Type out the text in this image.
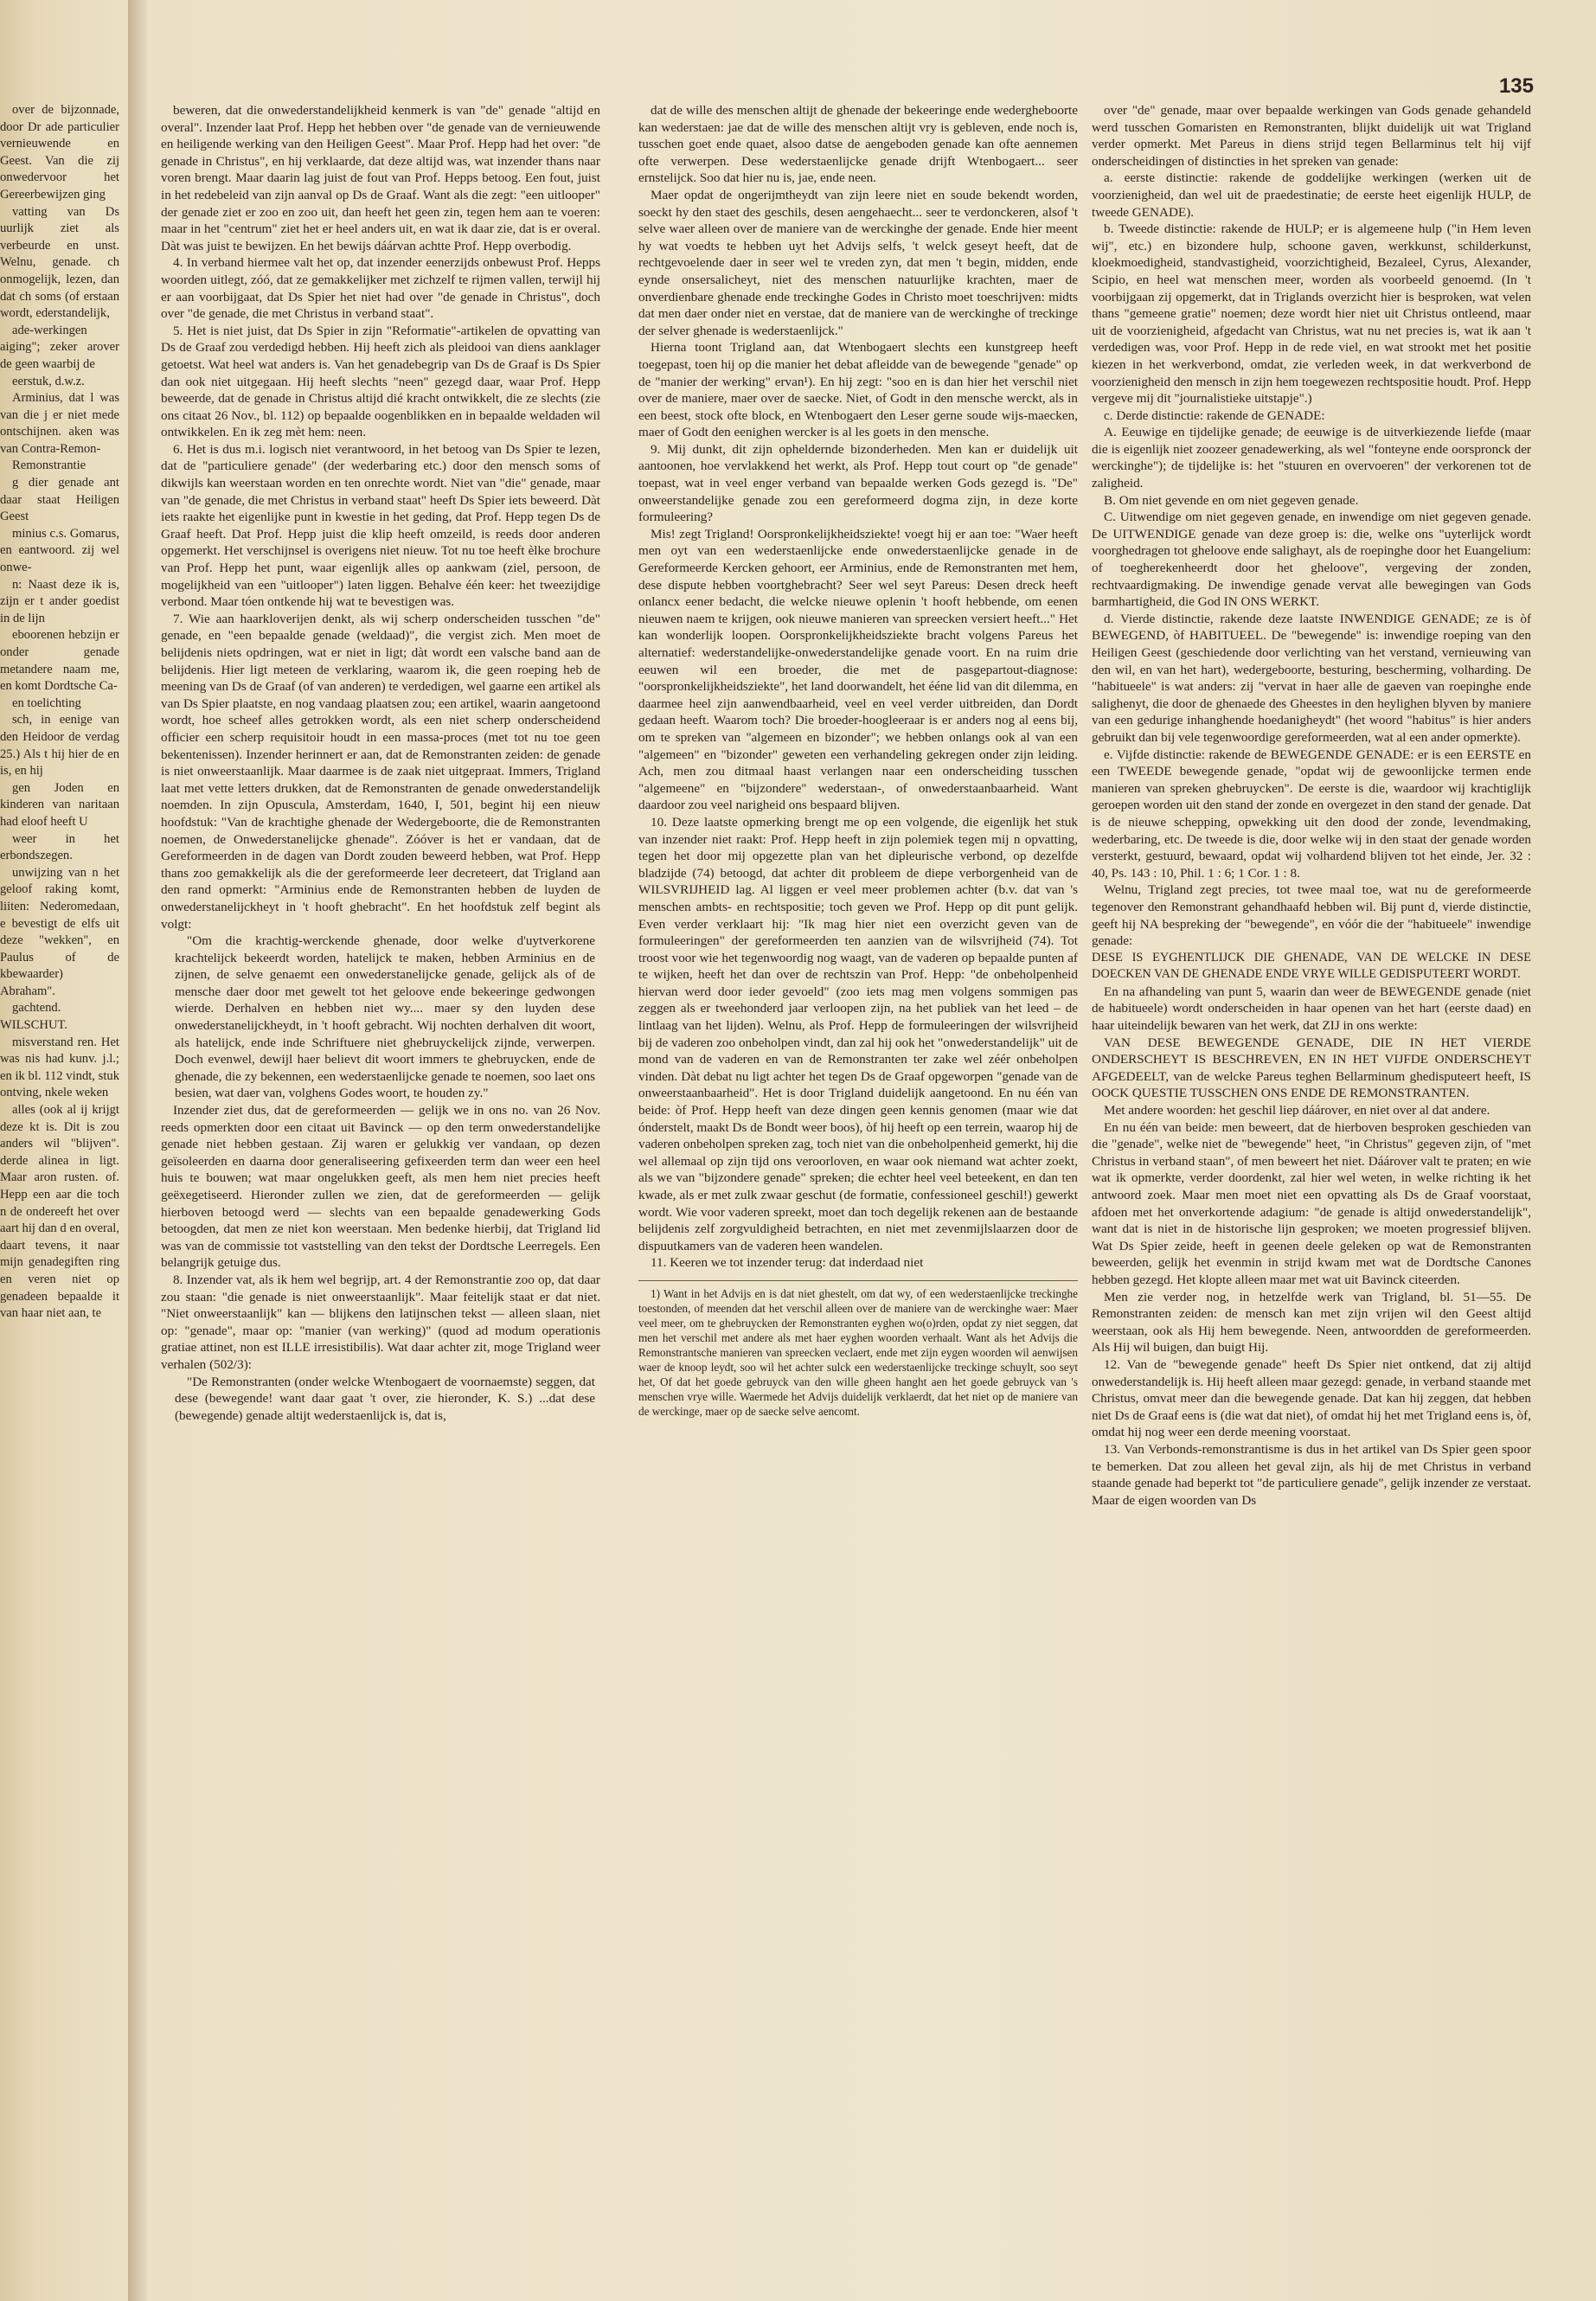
135

over de bijzonnade, door Dr ade particulier vernieuwende en Geest. Van die zij onwedervoor het Gereerbewijzen ging

vatting van Ds uurlijk ziet als verbeurde en unst. Welnu, genade. ch onmogelijk, lezen, dan dat ch soms (of erstaan wordt, ederstandelijk,

ade-werkingen aiging"; zeker arover de geen waarbij de

eerstuk, d.w.z.

Arminius, dat l was van die j er niet mede ontschijnen. aken was van Contra-Remon-

Remonstrantie

g dier genade ant daar staat Heiligen Geest

minius c.s. Gomarus, en eantwoord. zij wel onwe-

n: Naast deze ik is, zijn er t ander goedist in de lijn

eboorenen hebzijn er onder genade metandere naam me, en komt Dordtsche Ca-

en toelichting

sch, in eenige van den Heidoor de verdag 25.) Als t hij hier de en is, en hij

gen Joden en kinderen van naritaan had eloof heeft U

weer in het erbondszegen.

unwijzing van n het geloof raking komt, liiten: Nederomedaan, e bevestigt de elfs uit deze "wekken", en Paulus of de kbewaarder) Abraham".

gachtend. WILSCHUT.

misverstand ren. Het was nis had kunv. j.l.; en ik bl. 112 vindt, stuk ontving, nkele weken

alles (ook al ij krijgt deze kt is. Dit is zou anders wil "blijven". derde alinea in ligt. Maar aron rusten. of. Hepp een aar die toch n de ondereeft het over aart hij dan d en overal, daart tevens, it naar mijn genadegiften ring en veren niet op genadeen bepaalde it van haar niet aan, te

beweren, dat die onwederstandelijkheid kenmerk is van "de" genade "altijd en overal". Inzender laat Prof. Hepp het hebben over "de genade van de vernieuwende en heiligende werking van den Heiligen Geest". Maar Prof. Hepp had het over: "de genade in Christus", en hij verklaarde, dat deze altijd was, wat inzender thans naar voren brengt. Maar daarin lag juist de fout van Prof. Hepps betoog. Een fout, juist in het redebeleid van zijn aanval op Ds de Graaf. Want als die zegt: "een uitlooper" der genade ziet er zoo en zoo uit, dan heeft het geen zin, tegen hem aan te voeren: maar in het "centrum" ziet het er heel anders uit, en wat ik daar zie, dat is er overal. Dàt was juist te bewijzen. En het bewijs dáárvan achtte Prof. Hepp overbodig.

4. In verband hiermee valt het op, dat inzender eenerzijds onbewust Prof. Hepps woorden uitlegt, zóó, dat ze gemakkelijker met zichzelf te rijmen vallen, terwijl hij er aan voorbijgaat, dat Ds Spier het niet had over "de genade in Christus", doch over "de genade, die met Christus in verband staat".

5. Het is niet juist, dat Ds Spier in zijn "Reformatie"-artikelen de opvatting van Ds de Graaf zou verdedigd hebben. Hij heeft zich als pleidooi van diens aanklager getoetst. Wat heel wat anders is. Van het genadebegrip van Ds de Graaf is Ds Spier dan ook niet uitgegaan. Hij heeft slechts "neen" gezegd daar, waar Prof. Hepp beweerde, dat de genade in Christus altijd dié kracht ontwikkelt, die ze slechts (zie ons citaat 26 Nov., bl. 112) op bepaalde oogenblikken en in bepaalde weldaden wil ontwikkelen. En ik zeg mèt hem: neen.

6. Het is dus m.i. logisch niet verantwoord, in het betoog van Ds Spier te lezen, dat de "particuliere genade" (der wederbaring etc.) door den mensch soms of dikwijls kan weerstaan worden en ten onrechte wordt. Niet van "die" genade, maar van "de genade, die met Christus in verband staat" heeft Ds Spier iets beweerd. Dàt iets raakte het eigenlijke punt in kwestie in het geding, dat Prof. Hepp tegen Ds de Graaf heeft. Dat Prof. Hepp juist die klip heeft omzeild, is reeds door anderen opgemerkt. Het verschijnsel is overigens niet nieuw. Tot nu toe heeft èlke brochure van Prof. Hepp het punt, waar eigenlijk alles op aankwam (ziel, persoon, de mogelijkheid van een "uitlooper") laten liggen. Behalve één keer: het tweezijdige verbond. Maar tóen ontkende hij wat te bevestigen was.

7. Wie aan haarkloverijen denkt, als wij scherp onderscheiden tusschen "de" genade, en "een bepaalde genade (weldaad)", die vergist zich. Men moet de belijdenis niets opdringen, wat er niet in ligt; dàt wordt een valsche band aan de belijdenis. Hier ligt meteen de verklaring, waarom ik, die geen roeping heb de meening van Ds de Graaf (of van anderen) te verdedigen, wel gaarne een artikel als van Ds Spier plaatste, en nog vandaag plaatsen zou; een artikel, waarin aangetoond wordt, hoe scheef alles getrokken wordt, als een niet scherp onderscheidend officier een scherp requisitoir houdt in een massa-proces (met tot nu toe geen bekentenissen). Inzender herinnert er aan, dat de Remonstranten zeiden: de genade is niet onweerstaanlijk. Maar daarmee is de zaak niet uitgepraat. Immers, Trigland laat met vette letters drukken, dat de Remonstranten de genade onwederstandelijk noemden. In zijn Opuscula, Amsterdam, 1640, I, 501, begint hij een nieuw hoofdstuk: "Van de krachtighe ghenade der Wedergeboorte, die de Remonstranten noemen, de Onwederstanelijcke ghenade". Zóóver is het er vandaan, dat de Gereformeerden in de dagen van Dordt zouden beweerd hebben, wat Prof. Hepp thans zoo gemakkelijk als die der gereformeerde leer decreteert, dat Trigland aan den rand opmerkt: "Arminius ende de Remonstranten hebben de luyden de onwederstanelijckheyt in 't hooft ghebracht". En het hoofdstuk zelf begint als volgt:

"Om die krachtig-werckende ghenade, door welke d'uytverkorene krachtelijck bekeerdt worden, hatelijck te maken, hebben Arminius en de zijnen, de selve genaemt een onwederstanelijcke genade, gelijck als of de mensche daer door met gewelt tot het geloove ende bekeeringe gedwongen wierde. Derhalven en hebben niet wy.... maer sy den luyden dese onwederstanelijckheydt, in 't hooft gebracht. Wij nochten derhalven dit woort, als hatelijck, ende inde Schriftuere niet ghebruyckelijck zijnde, verwerpen. Doch evenwel, dewijl haer believt dit woort immers te ghebruycken, ende de ghenade, die zy bekennen, een wederstaenlijcke genade te noemen, soo laet ons besien, wat daer van, volghens Godes woort, te houden zy."

Inzender ziet dus, dat de gereformeerden — gelijk we in ons no. van 26 Nov. reeds opmerkten door een citaat uit Bavinck — op den term onwederstandelijke genade niet hebben gestaan. Zij waren er gelukkig ver vandaan, op dezen geïsoleerden en daarna door generaliseering gefixeerden term dan weer een heel huis te bouwen; wat maar ongelukken geeft, als men hem niet precies heeft geëxegetiseerd. Hieronder zullen we zien, dat de gereformeerden — gelijk hierboven betoogd werd — slechts van een bepaalde genadewerking Gods betoogden, dat men ze niet kon weerstaan. Men bedenke hierbij, dat Trigland lid was van de commissie tot vaststelling van den tekst der Dordtsche Leerregels. Een belangrijk getuige dus.

8. Inzender vat, als ik hem wel begrijp, art. 4 der Remonstrantie zoo op, dat daar zou staan: "die genade is niet onweerstaanlijk". Maar feitelijk staat er dat niet. "Niet onweerstaanlijk" kan — blijkens den latijnschen tekst — alleen slaan, niet op: "genade", maar op: "manier (van werking)" (quod ad modum operationis gratiae attinet, non est ILLE irresistibilis). Wat daar achter zit, moge Trigland weer verhalen (502/3):

"De Remonstranten (onder welcke Wtenbogaert de voornaemste) seggen, dat dese (bewegende! want daar gaat 't over, zie hieronder, K. S.) ...dat dese (bewegende) genade altijt wederstaenlijck is, dat is,

dat de wille des menschen altijt de ghenade der bekeeringe ende wedergheboorte kan wederstaen: jae dat de wille des menschen altijt vry is gebleven, ende noch is, tusschen goet ende quaet, alsoo datse de aengeboden genade kan ofte aennemen ofte verwerpen. Dese wederstaenlijcke genade drijft Wtenbogaert... seer ernstelijck. Soo dat hier nu is, jae, ende neen.

Maer opdat de ongerijmtheydt van zijn leere niet en soude bekendt worden, soeckt hy den staet des geschils, desen aengehaecht... seer te verdonckeren, alsof 't selve waer alleen over de maniere van de werckinghe der genade. Ende hier meent hy wat voedts te hebben uyt het Advijs selfs, 't welck geseyt heeft, dat de rechtgevoelende daer in seer wel te vreden zyn, dat men 't begin, midden, ende eynde onsersalicheyt, niet des menschen natuurlijke krachten, maer de onverdienbare ghenade ende treckinghe Godes in Christo moet toeschrijven: midts dat men daer onder niet en verstae, dat de maniere van de werckinghe of treckinge der selver ghenade is wederstaenlijck."

Hierna toont Trigland aan, dat Wtenbogaert slechts een kunstgreep heeft toegepast, toen hij op die manier het debat afleidde van de bewegende "genade" op de "manier der werking" ervan¹). En hij zegt: "soo en is dan hier het verschil niet over de maniere, maer over de saecke. Niet, of Godt in den mensche werckt, als in een beest, stock ofte block, en Wtenbogaert den Leser gerne soude wijs-maecken, maer of Godt den eenighen wercker is al les goets in den mensche.

9. Mij dunkt, dit zijn opheldernde bizonderheden. Men kan er duidelijk uit aantoonen, hoe vervlakkend het werkt, als Prof. Hepp tout court op "de genade" toepast, wat in veel enger verband van bepaalde werken Gods gezegd is. "De" onweerstandelijke genade zou een gereformeerd dogma zijn, in deze korte formuleering?

Mis! zegt Trigland! Oorspronkelijkheidsziekte! voegt hij er aan toe: "Waer heeft men oyt van een wederstaenlijcke ende onwederstaenlijcke genade in de Gereformeerde Kercken gehoort, eer Arminius, ende de Remonstranten met hem, dese dispute hebben voortghebracht? Seer wel seyt Pareus: Desen dreck heeft onlancx eener bedacht, die welcke nieuwe oplenin 't hooft hebbende, om eenen nieuwen naem te krijgen, ook nieuwe manieren van spreecken versiert heeft..." Het kan wonderlijk loopen. Oorspronkelijkheidsziekte bracht volgens Pareus het alternatief: wederstandelijke-onwederstandelijke genade voort. En na ruim drie eeuwen wil een broeder, die met de pasgepartout-diagnose: "oorspronkelijkheidsziekte", het land doorwandelt, het ééne lid van dit dilemma, en daarmee heel zijn aanwendbaarheid, veel en veel verder uitbreiden, dan Dordt gedaan heeft. Waarom toch? Die broeder-hoogleeraar is er anders nog al eens bij, om te spreken van "algemeen en bizonder"; we hebben onlangs ook al van een "algemeen" en "bizonder" geweten een verhandeling gekregen onder zijn leiding. Ach, men zou ditmaal haast verlangen naar een onderscheiding tusschen "algemeene" en "bijzondere" wederstaan-, of onwederstaanbaarheid. Want daardoor zou veel narigheid ons bespaard blijven.

10. Deze laatste opmerking brengt me op een volgende, die eigenlijk het stuk van inzender niet raakt: Prof. Hepp heeft in zijn polemiek tegen mij n opvatting, tegen het door mij opgezette plan van het dipleurische verbond, op dezelfde bladzijde (74) betoogd, dat achter dit probleem de diepe verborgenheid van de WILSVRIJHEID lag. Al liggen er veel meer problemen achter (b.v. dat van 's menschen ambts- en rechtspositie; toch geven we Prof. Hepp op dit punt gelijk. Even verder verklaart hij: "Ik mag hier niet een overzicht geven van de formuleeringen" der gereformeerden ten aanzien van de wilsvrijheid (74). Tot troost voor wie het tegenwoordig nog waagt, van de vaderen op bepaalde punten af te wijken, heeft het dan over de rechtszin van Prof. Hepp: "de onbeholpenheid hiervan werd door ieder gevoeld" (zoo iets mag men volgens sommigen pas zeggen als er tweehonderd jaar verloopen zijn, na het publiek van het leed – de lintlaag van het lijden). Welnu, als Prof. Hepp de formuleeringen der wilsvrijheid bij de vaderen zoo onbeholpen vindt, dan zal hij ook het "onwederstandelijk" uit de mond van de vaderen en van de Remonstranten ter zake wel zéér onbeholpen vinden. Dàt debat nu ligt achter het tegen Ds de Graaf opgeworpen "genade van de onweerstaanbaarheid". Het is door Trigland duidelijk aangetoond. En nu één van beide: òf Prof. Hepp heeft van deze dingen geen kennis genomen (maar wie dat ónderstelt, maakt Ds de Bondt weer boos), òf hij heeft op een terrein, waarop hij de vaderen onbeholpen spreken zag, toch niet van die onbeholpenheid gemerkt, hij die wel allemaal op zijn tijd ons veroorloven, en waar ook niemand wat achter zoekt, als we van "bijzondere genade" spreken; die echter heel veel beteekent, en dan ten kwade, als er met zulk zwaar geschut (de formatie, confessioneel geschil!) gewerkt wordt. Wie voor vaderen spreekt, moet dan toch degelijk rekenen aan de bestaande belijdenis zelf zorgvuldigheid betrachten, en niet met zevenmijlslaarzen door de dispuutkamers van de vaderen heen wandelen.

11. Keeren we tot inzender terug: dat inderdaad niet

1) Want in het Advijs en is dat niet ghestelt, om dat wy, of een wederstaenlijcke treckinghe toestonden, of meenden dat het verschil alleen over de maniere van de werckinghe waer: Maer veel meer, om te ghebruycken der Remonstranten eyghen wo(o)rden, opdat zy niet seggen, dat men het verschil met andere als met haer eyghen woorden verhaalt. Want als het Advijs die Remonstrantsche manieren van spreecken veclaert, ende met zijn eygen woorden wil aenwijsen waer de knoop leydt, soo wil het achter sulck een wederstaenlijcke treckinge schuylt, soo seyt het, Of dat het goede gebruyck van den wille gheen hanght aen het goede gebruyck van 's menschen vrye wille. Waermede het Advijs duidelijk verklaerdt, dat het niet op de maniere van de werckinge, maer op de saecke selve aencomt.

over "de" genade, maar over bepaalde werkingen van Gods genade gehandeld werd tusschen Gomaristen en Remonstranten, blijkt duidelijk uit wat Trigland verder opmerkt. Met Pareus in diens strijd tegen Bellarminus telt hij vijf onderscheidingen of distincties in het spreken van genade:

a. eerste distinctie: rakende de goddelijke werkingen (werken uit de voorzienigheid, dan wel uit de praedestinatie; de eerste heet eigenlijk HULP, de tweede GENADE).

b. Tweede distinctie: rakende de HULP; er is algemeene hulp ("in Hem leven wij", etc.) en bizondere hulp, schoone gaven, werkkunst, schilderkunst, kloekmoedigheid, standvastigheid, voorzichtigheid, Bezaleel, Cyrus, Alexander, Scipio, en heel wat menschen meer, worden als voorbeeld genoemd. (In 't voorbijgaan zij opgemerkt, dat in Triglands overzicht hier is besproken, wat velen thans "gemeene gratie" noemen; deze wordt hier niet uit Christus ontleend, maar uit de voorzienigheid, afgedacht van Christus, wat nu net precies is, wat ik aan 't verdedigen was, voor Prof. Hepp in de rede viel, en wat strookt met het positie kiezen in het werkverbond, omdat, zie verleden week, in dat werkverbond de voorzienigheid den mensch in zijn hem toegewezen rechtspositie houdt. Prof. Hepp vergeve mij dit "journalistieke uitstapje".)

c. Derde distinctie: rakende de GENADE:

A. Eeuwige en tijdelijke genade; de eeuwige is de uitverkiezende liefde (maar die is eigenlijk niet zoozeer genadewerking, als wel "fonteyne ende oorspronck der werckinghe"); de tijdelijke is: het "stuuren en overvoeren" der verkorenen tot de zaligheid.

B. Om niet gevende en om niet gegeven genade.

C. Uitwendige om niet gegeven genade, en inwendige om niet gegeven genade. De UITWENDIGE genade van deze groep is: die, welke ons "uyterlijck wordt voorghedragen tot gheloove ende salighayt, als de roepinghe door het Euangelium: of toegherekenheerdt door het gheloove", vergeving der zonden, rechtvaardigmaking. De inwendige genade vervat alle bewegingen van Gods barmhartigheid, die God IN ONS WERKT.

d. Vierde distinctie, rakende deze laatste INWENDIGE GENADE; ze is òf BEWEGEND, òf HABITUEEL. De "bewegende" is: inwendige roeping van den Heiligen Geest (geschiedende door verlichting van het verstand, vernieuwing van den wil, en van het hart), wedergeboorte, besturing, bescherming, volharding. De "habitueele" is wat anders: zij "vervat in haer alle de gaeven van roepinghe ende salighenyt, die door de ghenaede des Gheestes in den heylighen blyven by maniere van een gedurige inhanghende hoedanigheydt" (het woord "habitus" is hier anders gebruikt dan bij vele tegenwoordige gereformeerden, wat al een ander opmerkte).

e. Vijfde distinctie: rakende de BEWEGENDE GENADE: er is een EERSTE en een TWEEDE bewegende genade, "opdat wij de gewoonlijcke termen ende manieren van spreken ghebruycken". De eerste is die, waardoor wij krachtiglijk geroepen worden uit den stand der zonde en overgezet in den stand der genade. Dat is de nieuwe schepping, opwekking uit den dood der zonde, levendmaking, wederbaring, etc. De tweede is die, door welke wij in den staat der genade worden versterkt, gestuurd, bewaard, opdat wij volhardend blijven tot het einde, Jer. 32 : 40, Ps. 143 : 10, Phil. 1 : 6; 1 Cor. 1 : 8.

Welnu, Trigland zegt precies, tot twee maal toe, wat nu de gereformeerde tegenover den Remonstrant gehandhaafd hebben wil. Bij punt d, vierde distinctie, geeft hij NA bespreking der "bewegende", en vóór die der "habitueele" inwendige genade:

DESE IS EYGHENTLIJCK DIE GHENADE, VAN DE WELCKE IN DESE DOECKEN VAN DE GHENADE ENDE VRYE WILLE GEDISPUTEERT WORDT.

En na afhandeling van punt 5, waarin dan weer de BEWEGENDE genade (niet de habitueele) wordt onderscheiden in haar openen van het hart (eerste daad) en haar uiteindelijk bewaren van het werk, dat ZIJ in ons werkte:

VAN DESE BEWEGENDE GENADE, DIE IN HET VIERDE ONDERSCHEYT IS BESCHREVEN, EN IN HET VIJFDE ONDERSCHEYT AFGEDEELT, van de welcke Pareus teghen Bellarminum ghedisputeert heeft, IS OOCK QUESTIE TUSSCHEN ONS ENDE DE REMONSTRANTEN.

Met andere woorden: het geschil liep dáárover, en niet over al dat andere.

En nu één van beide: men beweert, dat de hierboven besproken geschieden van die "genade", welke niet de "bewegende" heet, "in Christus" gegeven zijn, of "met Christus in verband staan", of men beweert het niet. Dáárover valt te praten; en wie wat ik opmerkte, verder doordenkt, zal hier wel weten, in welke richting ik het antwoord zoek. Maar men moet niet een opvatting als Ds de Graaf voorstaat, afdoen met het onverkortende adagium: "de genade is altijd onwederstandelijk", want dat is niet in de historische lijn gesproken; we moeten progressief blijven. Wat Ds Spier zeide, heeft in geenen deele geleken op wat de Remonstranten beweerden, gelijk het evenmin in strijd kwam met wat de Dordtsche Canones hebben gezegd. Het klopte alleen maar met wat uit Bavinck citeerden.

Men zie verder nog, in hetzelfde werk van Trigland, bl. 51—55. De Remonstranten zeiden: de mensch kan met zijn vrijen wil den Geest altijd weerstaan, ook als Hij hem bewegende. Neen, antwoordden de gereformeerden. Als Hij wil buigen, dan buigt Hij.

12. Van de "bewegende genade" heeft Ds Spier niet ontkend, dat zij altijd onwederstandelijk is. Hij heeft alleen maar gezegd: genade, in verband staande met Christus, omvat meer dan die bewegende genade. Dat kan hij zeggen, dat hebben niet Ds de Graaf eens is (die wat dat niet), of omdat hij het met Trigland eens is, òf, omdat hij nog weer een derde meening voorstaat.

13. Van Verbonds-remonstrantisme is dus in het artikel van Ds Spier geen spoor te bemerken. Dat zou alleen het geval zijn, als hij de met Christus in verband staande genade had beperkt tot "de particuliere genade", gelijk inzender ze verstaat. Maar de eigen woorden van Ds
